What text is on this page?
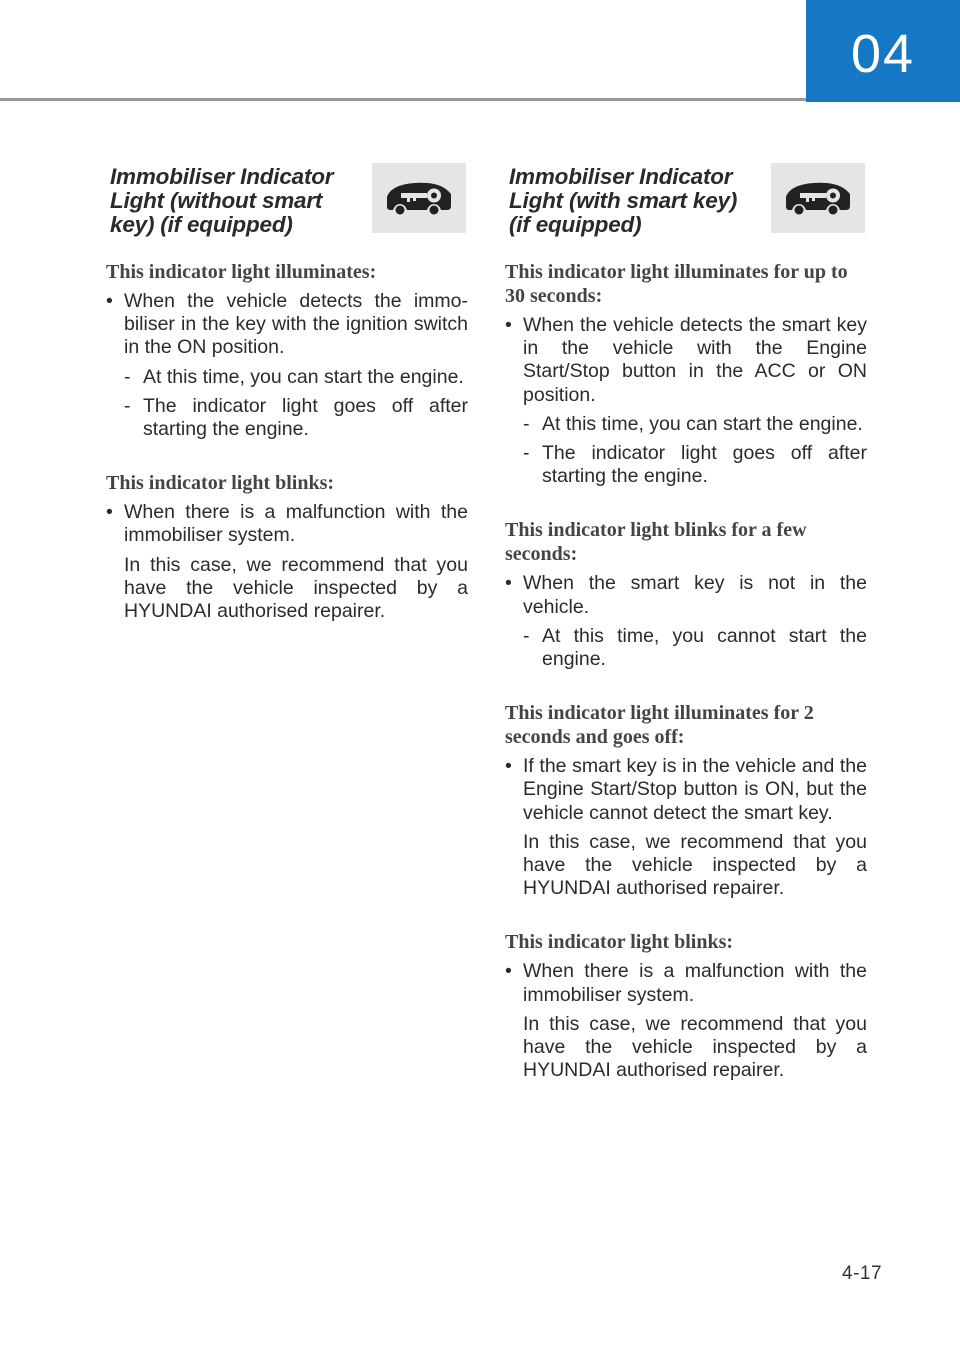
04
Immobiliser Indicator
Light (without smart
key) (if equipped)

This indicator light illuminates:

• When the vehicle detects the immo-biliser in the key with the ignition switch in the ON position.

- At this time, you can start the engine.

- The indicator light goes off after starting the engine.

This indicator light blinks:

• When there is a malfunction with the immobiliser system.

In this case, we recommend that you have the vehicle inspected by a HYUNDAI authorised repairer.

Immobiliser Indicator
Light (with smart key)
(if equipped)

This indicator light illuminates for up to 30 seconds:

• When the vehicle detects the smart key in the vehicle with the Engine Start/Stop button in the ACC or ON position.

- At this time, you can start the engine.

- The indicator light goes off after starting the engine.

This indicator light blinks for a few seconds:

• When the smart key is not in the vehicle.

- At this time, you cannot start the engine.

This indicator light illuminates for 2 seconds and goes off:

• If the smart key is in the vehicle and the Engine Start/Stop button is ON, but the vehicle cannot detect the smart key.

In this case, we recommend that you have the vehicle inspected by a HYUNDAI authorised repairer.

This indicator light blinks:

• When there is a malfunction with the immobiliser system.

In this case, we recommend that you have the vehicle inspected by a HYUNDAI authorised repairer.

4-17
